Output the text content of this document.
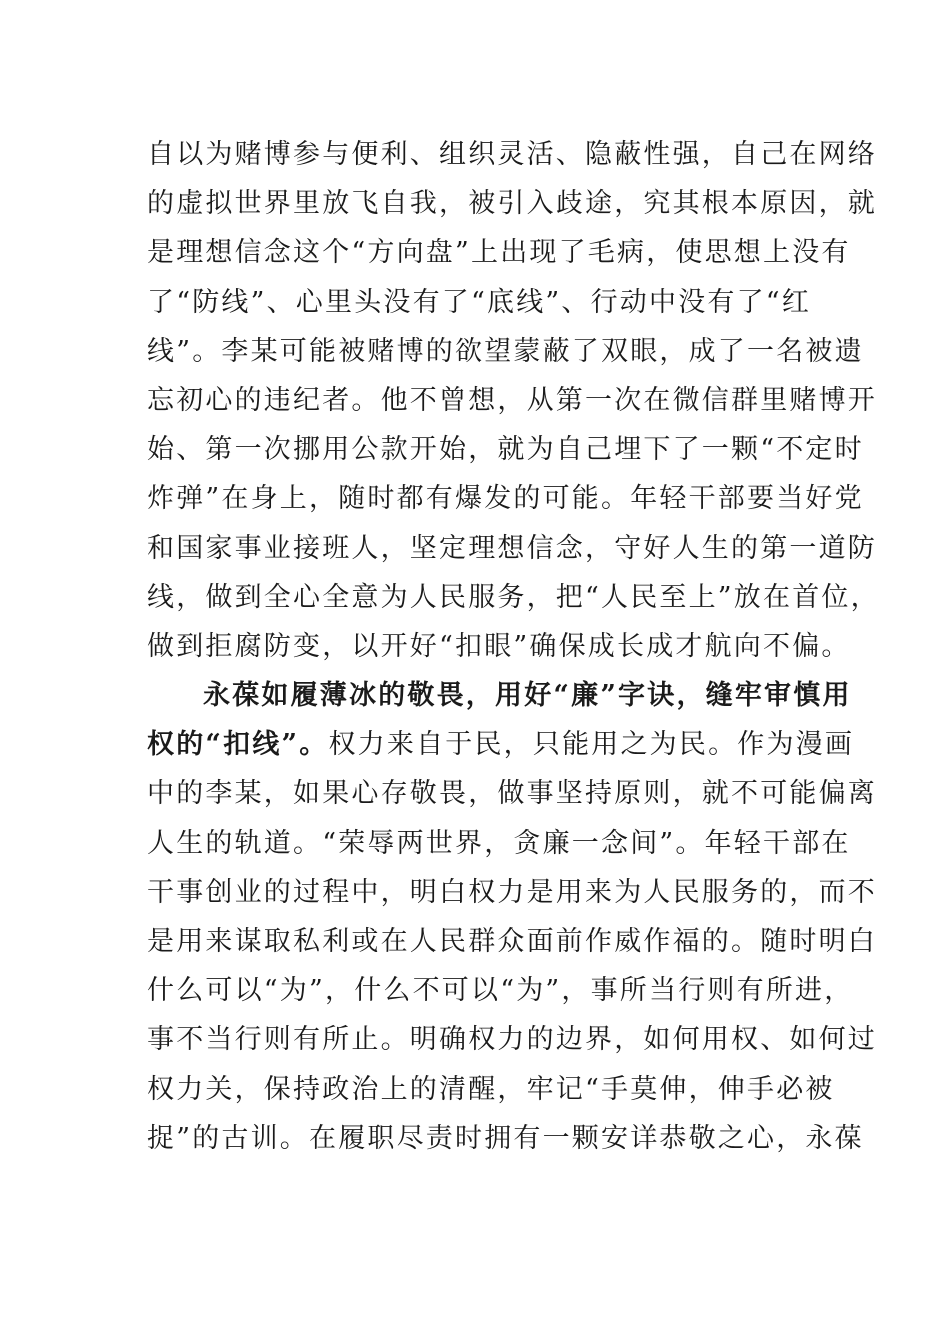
自以为赌博参与便利、组织灵活、隐蔽性强，自己在网络
的虚拟世界里放飞自我，被引入歧途，究其根本原因，就
是理想信念这个“方向盘”上出现了毛病，使思想上没有
了“防线”、心里头没有了“底线”、行动中没有了“红
线”。李某可能被赌博的欲望蒙蔽了双眼，成了一名被遗
忘初心的违纪者。他不曾想，从第一次在微信群里赌博开
始、第一次挪用公款开始，就为自己埋下了一颗“不定时
炸弹”在身上，随时都有爆发的可能。年轻干部要当好党
和国家事业接班人，坚定理想信念，守好人生的第一道防
线，做到全心全意为人民服务，把“人民至上”放在首位，
做到拒腐防变，以开好“扣眼”确保成长成才航向不偏。
永葆如履薄冰的敬畏，用好“廉”字诀，缝牢审慎用
权的“扣线”。权力来自于民，只能用之为民。作为漫画
中的李某，如果心存敬畏，做事坚持原则，就不可能偏离
人生的轨道。“荣辱两世界，贪廉一念间”。年轻干部在
干事创业的过程中，明白权力是用来为人民服务的，而不
是用来谋取私利或在人民群众面前作威作福的。随时明白
什么可以“为”，什么不可以“为”，事所当行则有所进，
事不当行则有所止。明确权力的边界，如何用权、如何过
权力关，保持政治上的清醒，牢记“手莫伸，伸手必被
捉”的古训。在履职尽责时拥有一颗安详恭敬之心，永葆
